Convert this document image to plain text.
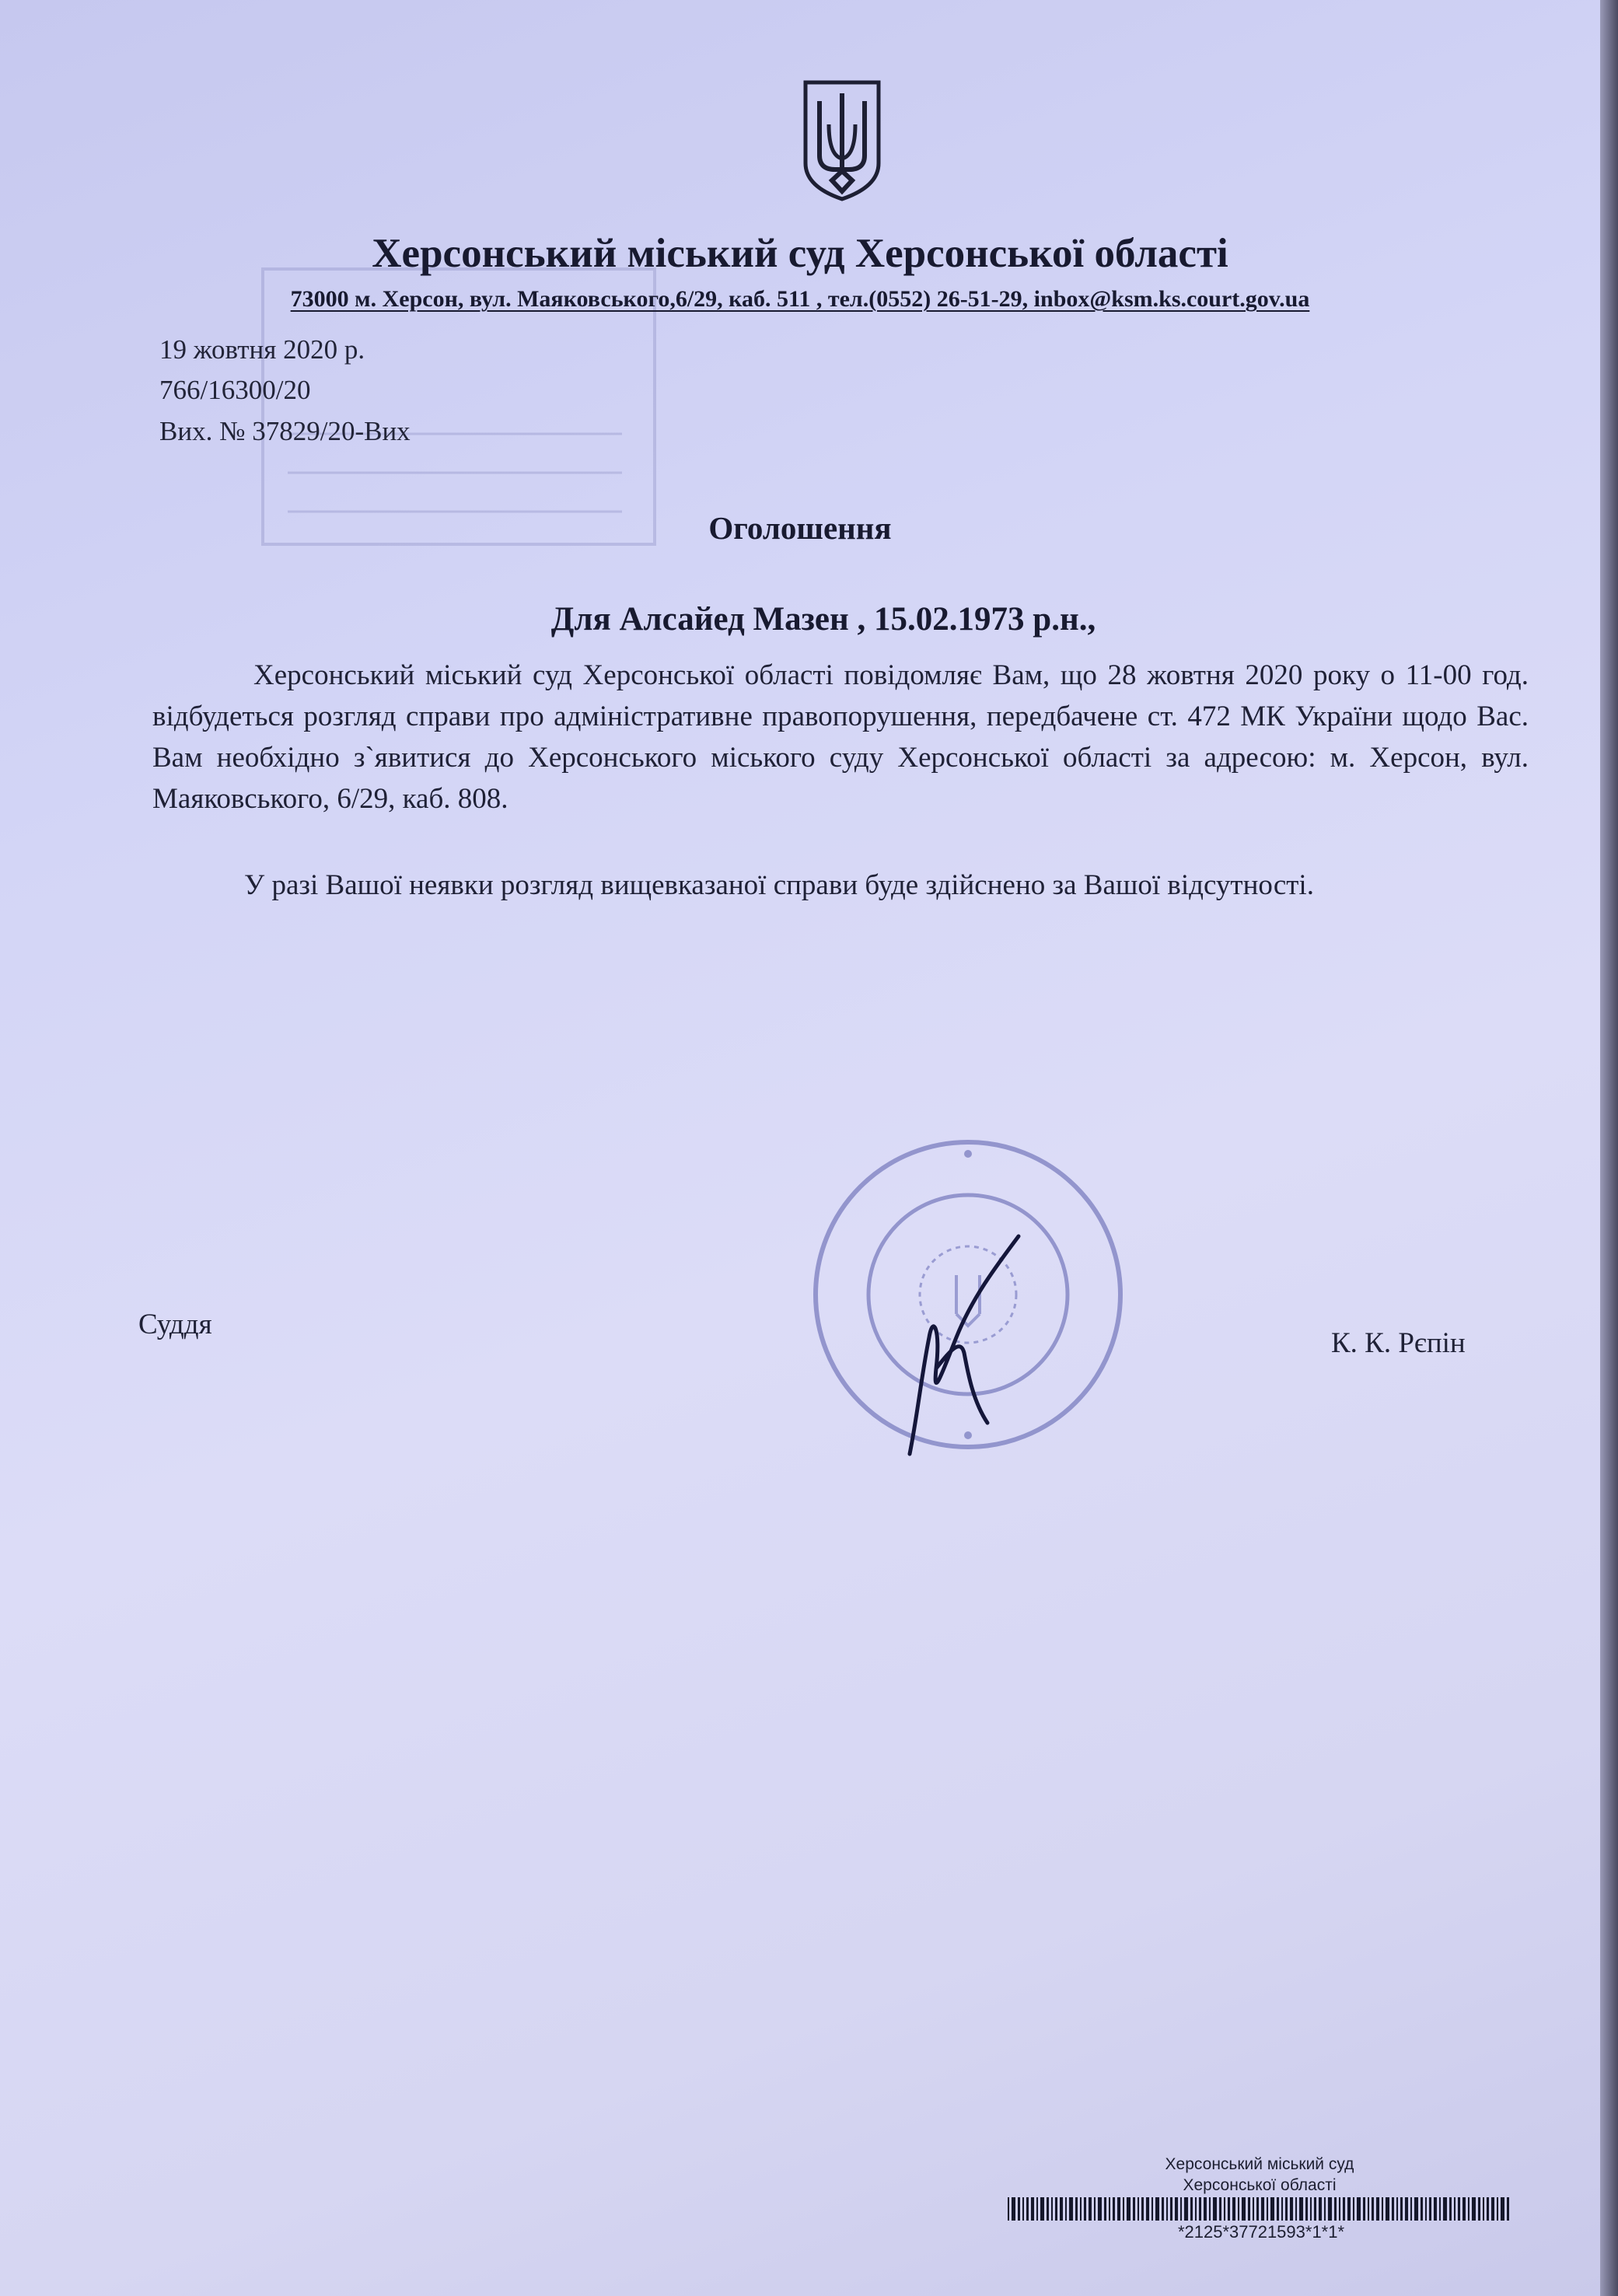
Херсонський міський суд Херсонської області
73000 м. Херсон, вул. Маяковського,6/29, каб. 511 , тел.(0552) 26-51-29, inbox@ksm.ks.court.gov.ua
19 жовтня 2020 р.
766/16300/20
Вих. № 37829/20-Вих
Оголошення
Для Алсайед Мазен , 15.02.1973 р.н.,

Херсонський міський суд Херсонської області повідомляє Вам, що 28 жовтня 2020 року о 11-00 год. відбудеться розгляд справи про адміністративне правопорушення, передбачене ст. 472 МК України щодо Вас. Вам необхідно з`явитися до Херсонського міського суду Херсонської області за адресою: м. Херсон, вул. Маяковського, 6/29, каб. 808.

У разі Вашої неявки розгляд вищевказаної справи буде здійснено за Вашої відсутності.

Суддя
К. К. Рєпін
Херсонський міський суд
Херсонської області
*2125*37721593*1*1*
